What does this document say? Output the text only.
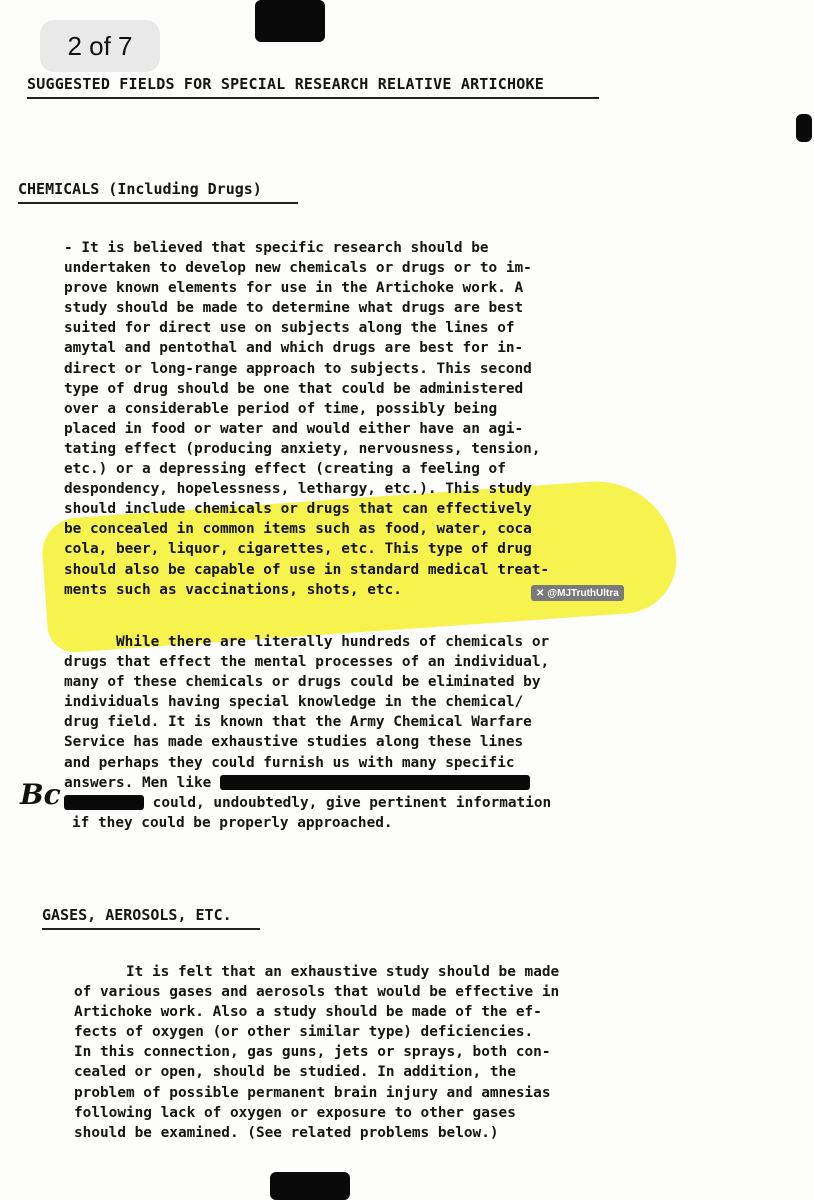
2 of 7
SUGGESTED FIELDS FOR SPECIAL RESEARCH RELATIVE ARTICHOKE
CHEMICALS (Including Drugs)
- It is believed that specific research should be
undertaken to develop new chemicals or drugs or to im-
prove known elements for use in the Artichoke work. A
study should be made to determine what drugs are best
suited for direct use on subjects along the lines of
amytal and pentothal and which drugs are best for in-
direct or long-range approach to subjects. This second
type of drug should be one that could be administered
over a considerable period of time, possibly being
placed in food or water and would either have an agi-
tating effect (producing anxiety, nervousness, tension,
etc.) or a depressing effect (creating a feeling of
despondency, hopelessness, lethargy, etc.). This study
should include chemicals or drugs that can effectively
be concealed in common items such as food, water, coca
cola, beer, liquor, cigarettes, etc. This type of drug
should also be capable of use in standard medical treat-
ments such as vaccinations, shots, etc.	✕ @MJTruthUltra
While there are literally hundreds of chemicals or
drugs that effect the mental processes of an individual,
many of these chemicals or drugs could be eliminated by
individuals having special knowledge in the chemical/
drug field. It is known that the Army Chemical Warfare
Service has made exhaustive studies along these lines
and perhaps they could furnish us with many specific
answers. Men like
could, undoubtedly, give pertinent information
if they could be properly approached.
Bc
GASES, AEROSOLS, ETC.
It is felt that an exhaustive study should be made
of various gases and aerosols that would be effective in
Artichoke work. Also a study should be made of the ef-
fects of oxygen (or other similar type) deficiencies.
In this connection, gas guns, jets or sprays, both con-
cealed or open, should be studied. In addition, the
problem of possible permanent brain injury and amnesias
following lack of oxygen or exposure to other gases
should be examined. (See related problems below.)
